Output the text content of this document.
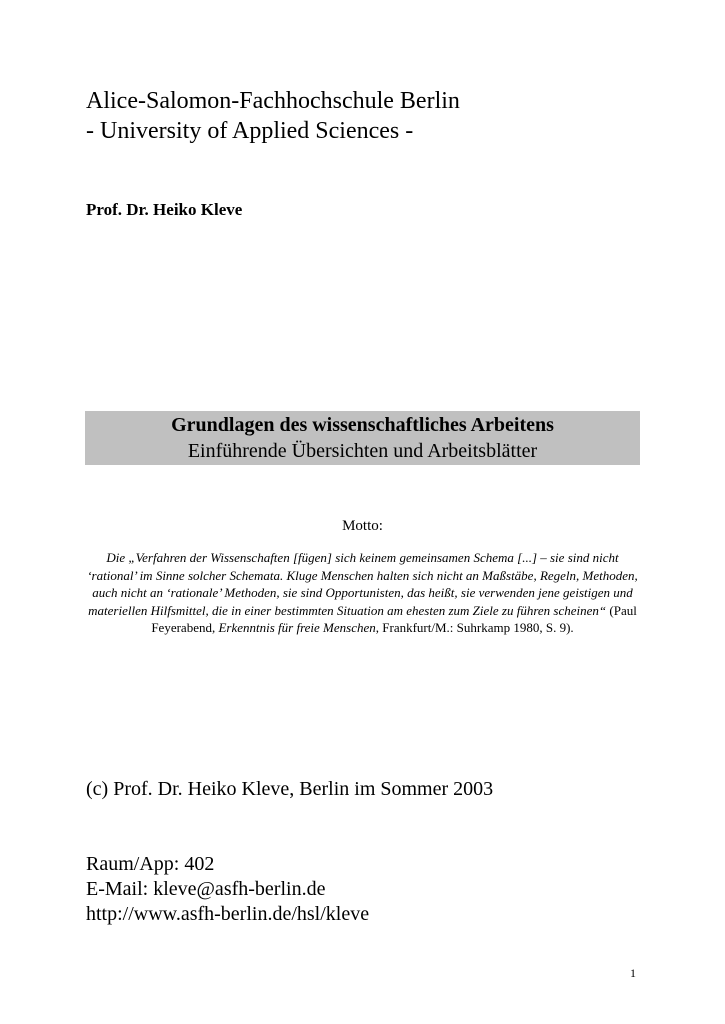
Alice-Salomon-Fachhochschule Berlin
- University of Applied Sciences -

Prof. Dr. Heiko Kleve

Grundlagen des wissenschaftliches Arbeitens
Einführende Übersichten und Arbeitsblätter

Motto:

Die „Verfahren der Wissenschaften [fügen] sich keinem gemeinsamen Schema [...] – sie sind nicht ‘rational’ im Sinne solcher Schemata. Kluge Menschen halten sich nicht an Maßstäbe, Regeln, Methoden, auch nicht an ‘rationale’ Methoden, sie sind Opportunisten, das heißt, sie verwenden jene geistigen und materiellen Hilfsmittel, die in einer bestimmten Situation am ehesten zum Ziele zu führen scheinen“ (Paul Feyerabend, Erkenntnis für freie Menschen, Frankfurt/M.: Suhrkamp 1980, S. 9).

(c) Prof. Dr. Heiko Kleve, Berlin im Sommer 2003

Raum/App: 402
E-Mail: kleve@asfh-berlin.de
http://www.asfh-berlin.de/hsl/kleve

1
